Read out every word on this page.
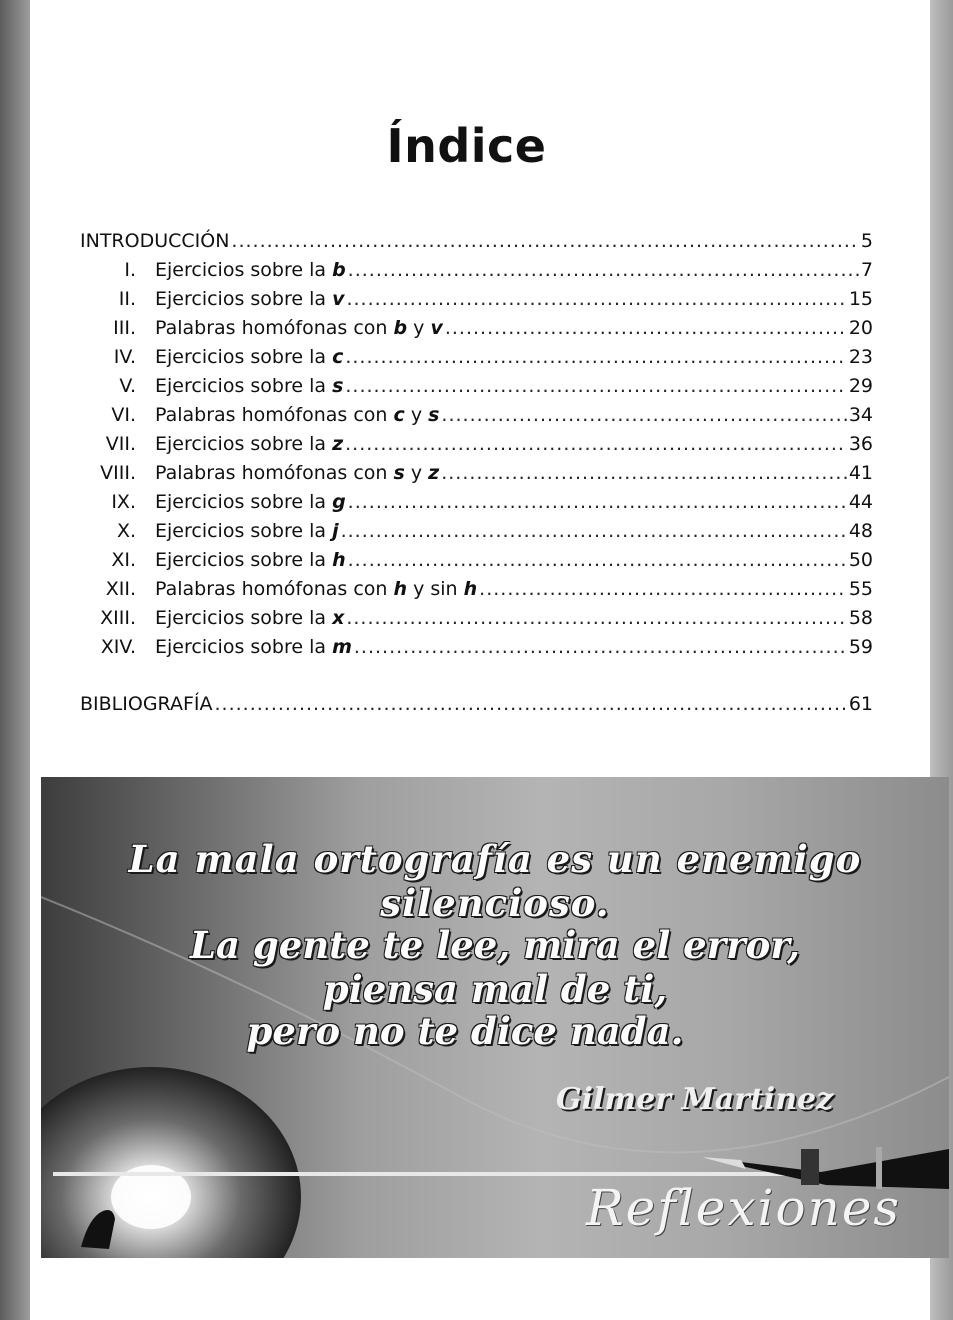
Índice
INTRODUCCIÓN .....	5
I. Ejercicios sobre la b .....	7
II. Ejercicios sobre la v .....	15
III. Palabras homófonas con b y v .....	20
IV. Ejercicios sobre la c .....	23
V. Ejercicios sobre la s .....	29
VI. Palabras homófonas con c y s .....	34
VII. Ejercicios sobre la z .....	36
VIII. Palabras homófonas con s y z .....	41
IX. Ejercicios sobre la g .....	44
X. Ejercicios sobre la j .....	48
XI. Ejercicios sobre la h .....	50
XII. Palabras homófonas con h y sin h .....	55
XIII. Ejercicios sobre la x .....	58
XIV. Ejercicios sobre la m .....	59
BIBLIOGRAFÍA .....	61
La mala ortografía es un enemigo
silencioso.
La gente te lee, mira el error,
piensa mal de ti,
pero no te dice nada.
Gilmer Martinez
Reflexiones
